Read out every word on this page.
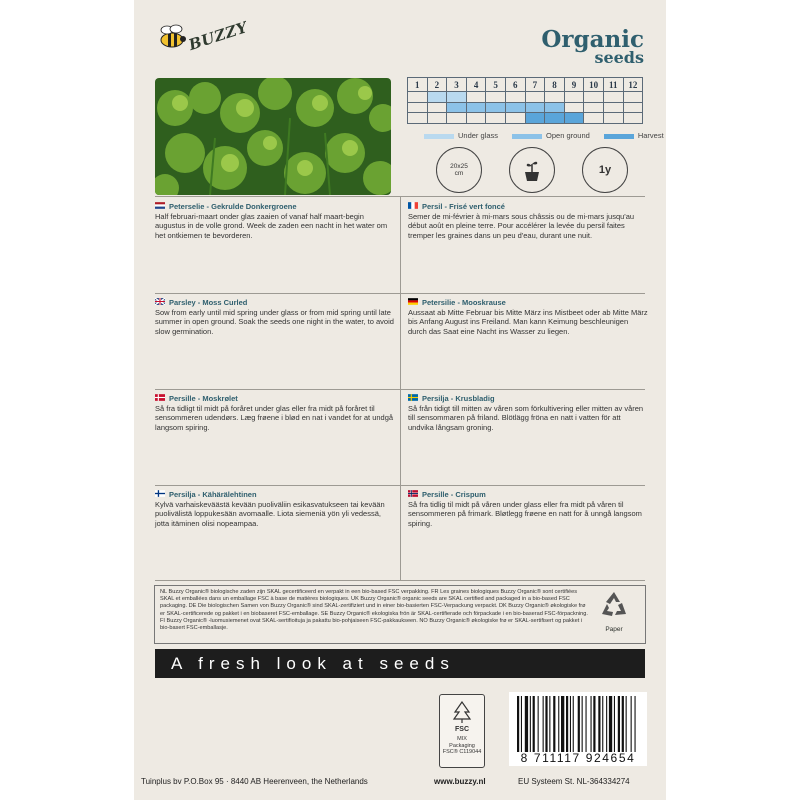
BUZZY	Organic
seeds
1	2	3	4	5	6	7	8	9	10	11	12

Under glass	Open ground	Harvest
20x25
cm	1y
Peterselie - Gekrulde Donkergroene
Half februari-maart onder glas zaaien of vanaf half maart-begin augustus in de volle grond. Week de zaden een nacht in het water om het ontkiemen te bevorderen.
Persil - Frisé vert foncé
Semer de mi-février à mi-mars sous châssis ou de mi-mars jusqu'au début août en pleine terre. Pour accélérer la levée du persil faites tremper les graines dans un peu d'eau, durant une nuit.
Parsley - Moss Curled
Sow from early until mid spring under glass or from mid spring until late summer in open ground. Soak the seeds one night in the water, to avoid slow germination.
Petersilie - Mooskrause
Aussaat ab Mitte Februar bis Mitte März ins Mistbeet oder ab Mitte März bis Anfang August ins Freiland. Man kann Keimung beschleunigen durch das Saat eine Nacht ins Wasser zu liegen.
Persille - Moskrølet
Så fra tidligt til midt på foråret under glas eller fra midt på foråret til sensommeren udendørs. Læg frøene i blød en nat i vandet for at undgå langsom spiring.
Persilja - Krusbladig
Så från tidigt till mitten av våren som förkultivering eller mitten av våren till sensommaren på friland. Blötlägg fröna en natt i vatten för att undvika långsam groning.
Persilja - Kähärälehtinen
Kylvä varhaiskeväästä kevään puoliväliin esikasvatukseen tai kevään puolivälistä loppukesään avomaalle. Liota siemeniä yön yli vedessä, jotta itäminen olisi nopeampaa.
Persille - Crispum
Så fra tidlig til midt på våren under glass eller fra midt på våren til sensommeren på frimark. Bløtlegg frøene en natt for å unngå langsom spiring.
NL Buzzy Organic® biologische zaden zijn SKAL gecertificeerd en verpakt in een bio-based FSC verpakking. FR Les graines biologiques Buzzy Organic® sont certifiées SKAL et emballées dans un emballage FSC à base de matières biologiques. UK Buzzy Organic® organic seeds are SKAL certified and packaged in a bio-based FSC packaging. DE Die biologischen Samen von Buzzy Organic® sind SKAL-zertifiziert und in einer bio-basierten FSC-Verpackung verpackt. DK Buzzy Organic® økologiske frø er SKAL-certificerede og pakket i en biobaseret FSC-emballage. SE Buzzy Organic® ekologiska frön är SKAL-certifierade och förpackade i en bio-baserad FSC-förpackning. FI Buzzy Organic® -luomusiemenet ovat SKAL-sertifioituja ja pakattu bio-pohjaiseen FSC-pakkaukseen. NO Buzzy Organic® økologiske frø er SKAL-sertifisert og pakket i bio-basert FSC-emballasje.	Paper
A fresh look at seeds
FSC
MIX
Packaging
FSC® C119044	8 711117 924654
Tuinplus bv P.O.Box 95 · 8440 AB Heerenveen, the Netherlands	www.buzzy.nl	EU Systeem St. NL-364334274
